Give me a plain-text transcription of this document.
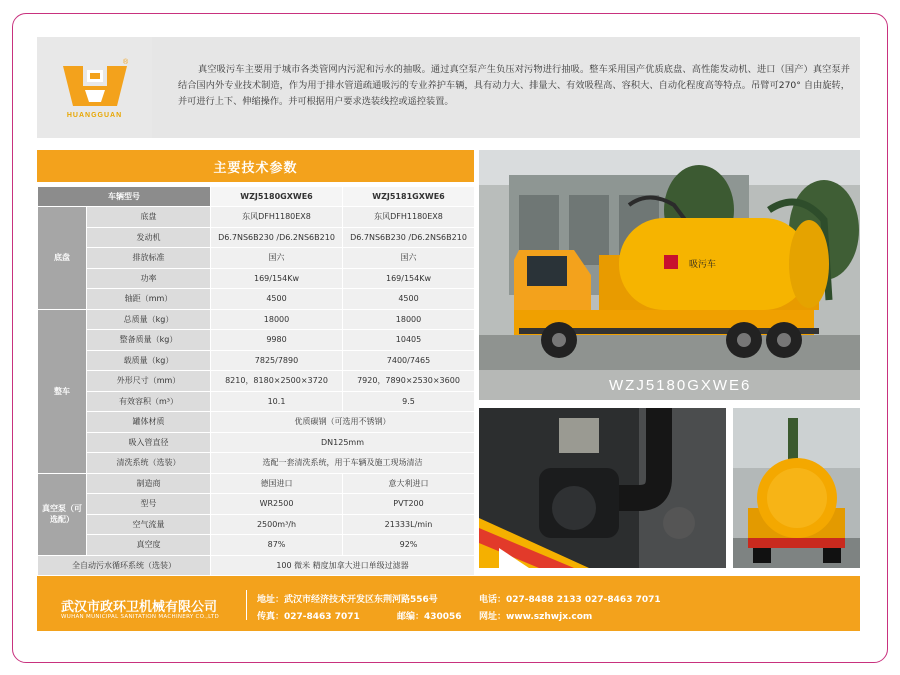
®
HUANGGUAN
真空吸污车主要用于城市各类管网内污泥和污水的抽吸。通过真空泵产生负压对污物进行抽吸。整车采用国产优质底盘、高性能发动机、进口（国产）真空泵并结合国内外专业技术制造，作为用于排水管道疏通吸污的专业养护车辆，具有动力大、排量大、有效吸程高、容积大、自动化程度高等特点。吊臂可270° 自由旋转，并可进行上下、伸缩操作。并可根据用户要求选装线控或遥控装置。
主要技术参数
车辆型号		WZJ5180GXWE6	WZJ5181GXWE6
底盘	底盘	东风DFH1180EX8	东风DFH1180EX8
	发动机	D6.7NS6B230 /D6.2NS6B210	D6.7NS6B230 /D6.2NS6B210
	排放标准	国六	国六
	功率	169/154Kw	169/154Kw
	轴距（mm）	4500	4500
整车	总质量（kg）	18000	18000
	整备质量（kg）	9980	10405
	载质量（kg）	7825/7890	7400/7465
	外形尺寸（mm）	8210，8180×2500×3720	7920，7890×2530×3600
	有效容积（m³）	10.1	9.5
	罐体材质	优质碳钢（可选用不锈钢）	
	吸入管直径	DN125mm	
	清洗系统（选装）	选配一套清洗系统，用于车辆及施工现场清洁	
真空泵（可选配）	制造商	德国进口	意大利进口
	型号	WR2500	PVT200
	空气流量	2500m³/h	21333L/min
	真空度	87%	92%
全自动污水循环系统（选装）		100 微米 精度加拿大进口单级过滤器	
吸污车
WZJ5180GXWE6
武汉市政环卫机械有限公司
WUHAN MUNICIPAL SANITATION MACHINERY CO.,LTD
地址：武汉市经济技术开发区东荆河路556号
传真：027-8463 7071	邮编：430056
电话：027-8488 2133 027-8463 7071
网址：www.szhwjx.com
